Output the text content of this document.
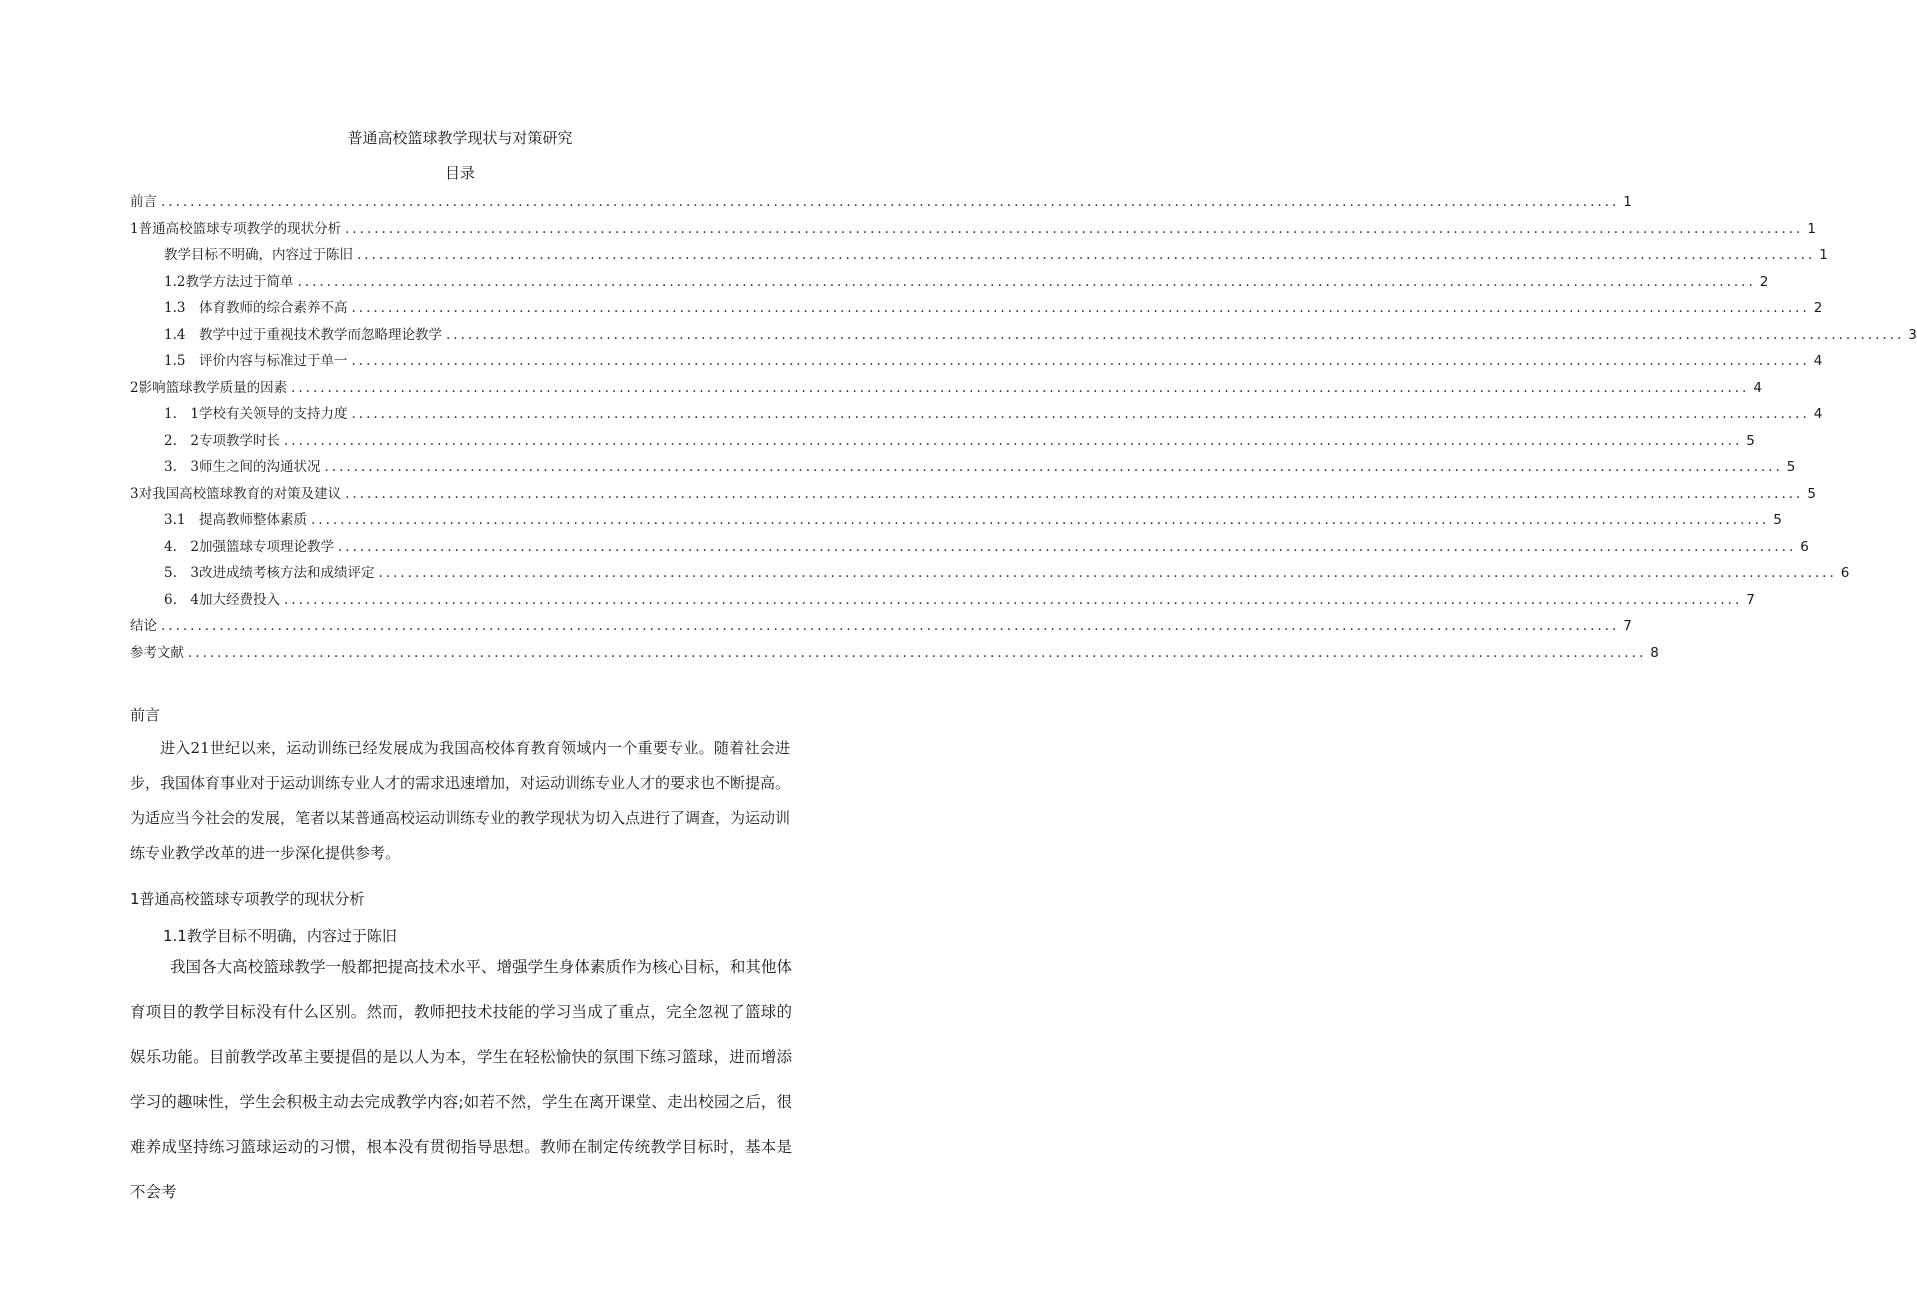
普通高校篮球教学现状与对策研究
目录
前言 ........................................................................................................................................................................................................ 1
1普通高校篮球专项教学的现状分析 ........................................................................................................................................................................................................ 1
教学目标不明确，内容过于陈旧 ........................................................................................................................................................................................................ 1
1.2教学方法过于简单 ........................................................................................................................................................................................................ 2
1.3　体育教师的综合素养不高 ........................................................................................................................................................................................................ 2
1.4　教学中过于重视技术教学而忽略理论教学 ........................................................................................................................................................................................................ 3
1.5　评价内容与标准过于单一 ........................................................................................................................................................................................................ 4
2影响篮球教学质量的因素 ........................................................................................................................................................................................................ 4
1.　1学校有关领导的支持力度 ........................................................................................................................................................................................................ 4
2.　2专项教学时长 ........................................................................................................................................................................................................ 5
3.　3师生之间的沟通状况 ........................................................................................................................................................................................................ 5
3对我国高校篮球教育的对策及建议 ........................................................................................................................................................................................................ 5
3.1　提高教师整体素质 ........................................................................................................................................................................................................ 5
4.　2加强篮球专项理论教学 ........................................................................................................................................................................................................ 6
5.　3改进成绩考核方法和成绩评定 ........................................................................................................................................................................................................ 6
6.　4加大经费投入 ........................................................................................................................................................................................................ 7
结论 ........................................................................................................................................................................................................ 7
参考文献 ........................................................................................................................................................................................................ 8
前言
进入21世纪以来，运动训练已经发展成为我国高校体育教育领域内一个重要专业。随着社会进步，我国体育事业对于运动训练专业人才的需求迅速增加，对运动训练专业人才的要求也不断提高。为适应当今社会的发展，笔者以某普通高校运动训练专业的教学现状为切入点进行了调查，为运动训练专业教学改革的进一步深化提供参考。
1普通高校篮球专项教学的现状分析
1.1教学目标不明确，内容过于陈旧
我国各大高校篮球教学一般都把提高技术水平、增强学生身体素质作为核心目标，和其他体育项目的教学目标没有什么区别。然而，教师把技术技能的学习当成了重点，完全忽视了篮球的娱乐功能。目前教学改革主要提倡的是以人为本，学生在轻松愉快的氛围下练习篮球，进而增添学习的趣味性，学生会积极主动去完成教学内容;如若不然，学生在离开课堂、走出校园之后，很难养成坚持练习篮球运动的习惯，根本没有贯彻指导思想。教师在制定传统教学目标时，基本是不会考
